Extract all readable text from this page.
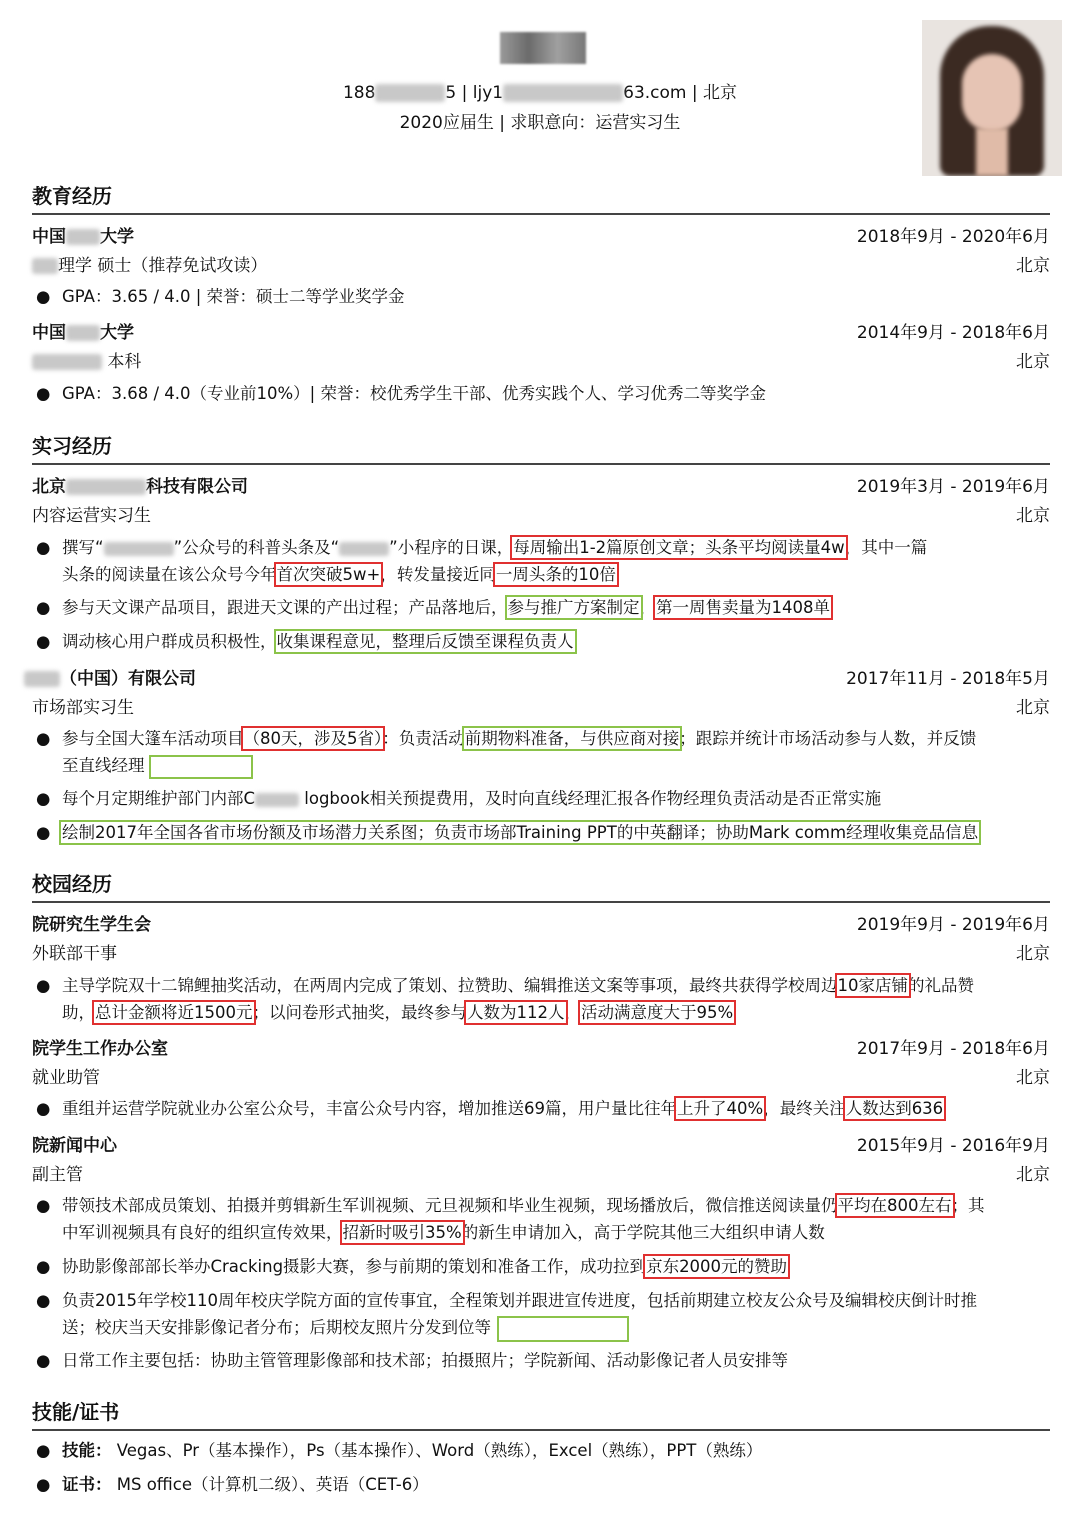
188	5 | ljy1	63.com | 北京
2020应届生 | 求职意向：运营实习生
教育经历
中国 大学	2018年9月 - 2020年6月
理学 硕士（推荐免试攻读）	北京
● GPA：3.65 / 4.0 | 荣誉：硕士二等学业奖学金
中国 大学	2014年9月 - 2018年6月
本科	北京
● GPA：3.68 / 4.0（专业前10%）| 荣誉：校优秀学生干部、优秀实践个人、学习优秀二等奖学金
实习经历
北京	科技有限公司	2019年3月 - 2019年6月
内容运营实习生	北京
● 撰写“	”公众号的科普头条及“	”小程序的日课，每周输出1-2篇原创文章；头条平均阅读量4w，其中一篇
头条的阅读量在该公众号今年首次突破5w+，转发量接近同一周头条的10倍
● 参与天文课产品项目，跟进天文课的产出过程；产品落地后，参与推广方案制定，第一周售卖量为1408单
● 调动核心用户群成员积极性，收集课程意见，整理后反馈至课程负责人
（中国）有限公司	2017年11月 - 2018年5月
市场部实习生	北京
● 参与全国大篷车活动项目（80天，涉及5省）：负责活动前期物料准备，与供应商对接；跟踪并统计市场活动参与人数，并反馈
至直线经理
● 每个月定期维护部门内部C	logbook相关预提费用，及时向直线经理汇报各作物经理负责活动是否正常实施
● 绘制2017年全国各省市场份额及市场潜力关系图；负责市场部Training PPT的中英翻译；协助Mark comm经理收集竞品信息
校园经历
院研究生学生会	2019年9月 - 2019年6月
外联部干事	北京
● 主导学院双十二锦鲤抽奖活动，在两周内完成了策划、拉赞助、编辑推送文案等事项，最终共获得学校周边10家店铺的礼品赞
助，总计金额将近1500元；以问卷形式抽奖，最终参与人数为112人，活动满意度大于95%
院学生工作办公室	2017年9月 - 2018年6月
就业助管	北京
● 重组并运营学院就业办公室公众号，丰富公众号内容，增加推送69篇，用户量比往年上升了40%，最终关注人数达到636
院新闻中心	2015年9月 - 2016年9月
副主管	北京
● 带领技术部成员策划、拍摄并剪辑新生军训视频、元旦视频和毕业生视频，现场播放后，微信推送阅读量仍平均在800左右；其
中军训视频具有良好的组织宣传效果，招新时吸引35%的新生申请加入，高于学院其他三大组织申请人数
● 协助影像部部长举办Cracking摄影大赛，参与前期的策划和准备工作，成功拉到京东2000元的赞助
● 负责2015年学校110周年校庆学院方面的宣传事宜，全程策划并跟进宣传进度，包括前期建立校友公众号及编辑校庆倒计时推
送；校庆当天安排影像记者分布；后期校友照片分发到位等
● 日常工作主要包括：协助主管管理影像部和技术部；拍摄照片；学院新闻、活动影像记者人员安排等
技能/证书
● 技能： Vegas、Pr（基本操作），Ps（基本操作）、Word（熟练），Excel（熟练），PPT（熟练）
● 证书： MS office（计算机二级）、英语（CET-6）
